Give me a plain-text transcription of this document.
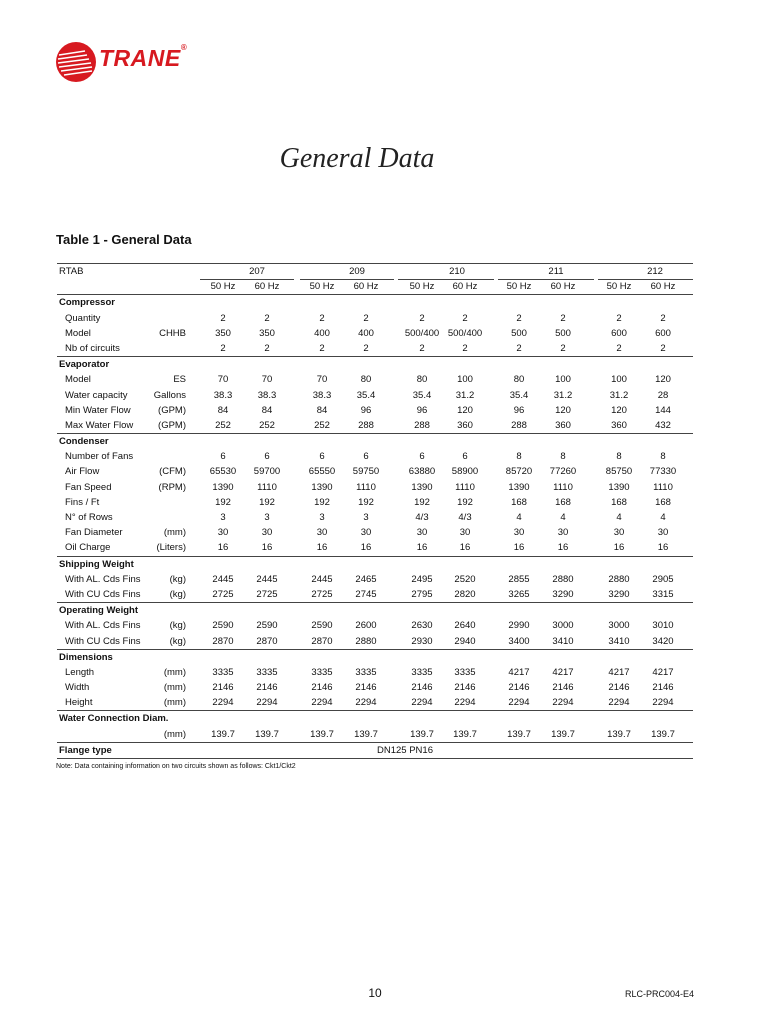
TRANE®
General Data
Table 1 - General Data
RTAB	207	209	210	211	212
50 Hz	60 Hz	50 Hz	60 Hz	50 Hz	60 Hz	50 Hz	60 Hz	50 Hz	60 Hz
Compressor
Quantity	2	2	2	2	2	2	2	2	2	2
Model	CHHB	350	350	400	400	500/400 500/400	500	500	600	600
Nb of circuits	2	2	2	2	2	2	2	2	2	2
Evaporator
Model	ES	70	70	70	80	80	100	80	100	100	120
Water capacity	Gallons	38.3	38.3	38.3	35.4	35.4	31.2	35.4	31.2	31.2	28
Min Water Flow	(GPM)	84	84	84	96	96	120	96	120	120	144
Max Water Flow	(GPM)	252	252	252	288	288	360	288	360	360	432
Condenser
Number of Fans	6	6	6	6	6	6	8	8	8	8
Air Flow	(CFM)	65530	59700	65550	59750	63880	58900	85720	77260	85750	77330
Fan Speed	(RPM)	1390	1110	1390	1110	1390	1110	1390	1110	1390	1110
Fins / Ft	192	192	192	192	192	192	168	168	168	168
N° of Rows	3	3	3	3	4/3	4/3	4	4	4	4
Fan Diameter	(mm)	30	30	30	30	30	30	30	30	30	30
Oil Charge	(Liters)	16	16	16	16	16	16	16	16	16	16
Shipping Weight
With AL. Cds Fins	(kg)	2445	2445	2445	2465	2495	2520	2855	2880	2880	2905
With CU Cds Fins	(kg)	2725	2725	2725	2745	2795	2820	3265	3290	3290	3315
Operating Weight
With AL. Cds Fins	(kg)	2590	2590	2590	2600	2630	2640	2990	3000	3000	3010
With CU Cds Fins	(kg)	2870	2870	2870	2880	2930	2940	3400	3410	3410	3420
Dimensions
Length	(mm)	3335	3335	3335	3335	3335	3335	4217	4217	4217	4217
Width	(mm)	2146	2146	2146	2146	2146	2146	2146	2146	2146	2146
Height	(mm)	2294	2294	2294	2294	2294	2294	2294	2294	2294	2294
Water Connection Diam.
(mm)	139.7	139.7	139.7	139.7	139.7	139.7	139.7	139.7	139.7	139.7
Flange type	DN125 PN16
Note: Data containing information on two circuits shown as follows: Ckt1/Ckt2
10	RLC-PRC004-E4
